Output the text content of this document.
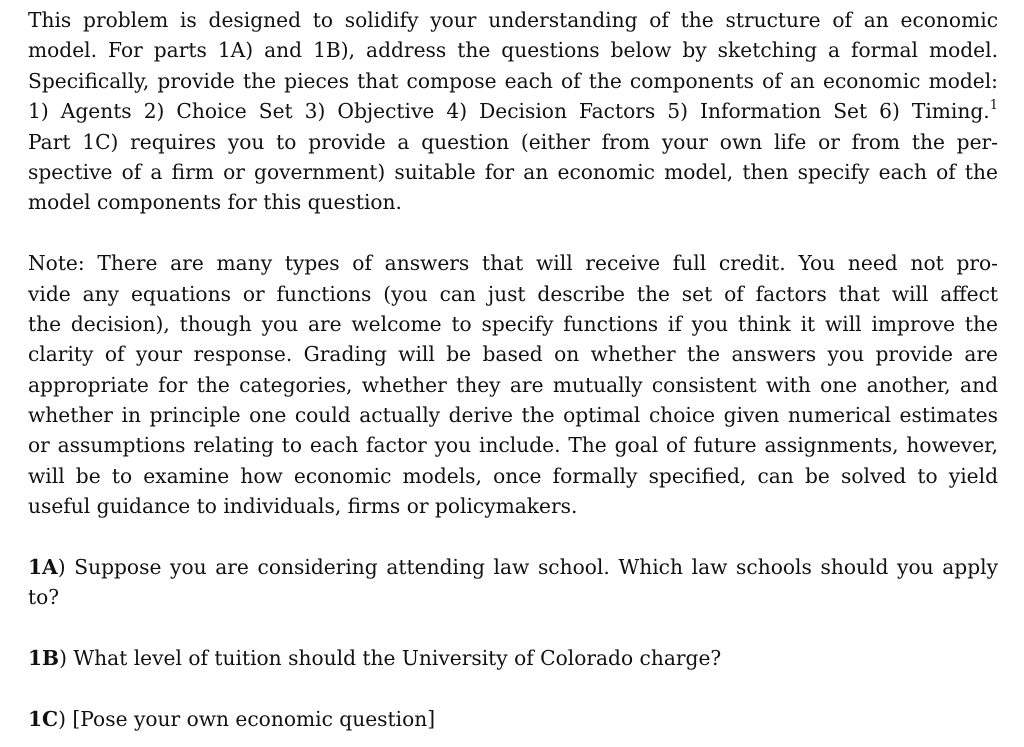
This problem is designed to solidify your understanding of the structure of an economic
model. For parts 1A) and 1B), address the questions below by sketching a formal model.
Specifically, provide the pieces that compose each of the components of an economic model:
1) Agents 2) Choice Set 3) Objective 4) Decision Factors 5) Information Set 6) Timing.$^1$
Part 1C) requires you to provide a question (either from your own life or from the per-
spective of a firm or government) suitable for an economic model, then specify each of the
model components for this question.
Note: There are many types of answers that will receive full credit. You need not pro-
vide any equations or functions (you can just describe the set of factors that will affect
the decision), though you are welcome to specify functions if you think it will improve the
clarity of your response. Grading will be based on whether the answers you provide are
appropriate for the categories, whether they are mutually consistent with one another, and
whether in principle one could actually derive the optimal choice given numerical estimates
or assumptions relating to each factor you include. The goal of future assignments, however,
will be to examine how economic models, once formally specified, can be solved to yield
useful guidance to individuals, firms or policymakers.
1A) Suppose you are considering attending law school. Which law schools should you apply
to?
1B) What level of tuition should the University of Colorado charge?
1C) [Pose your own economic question]
